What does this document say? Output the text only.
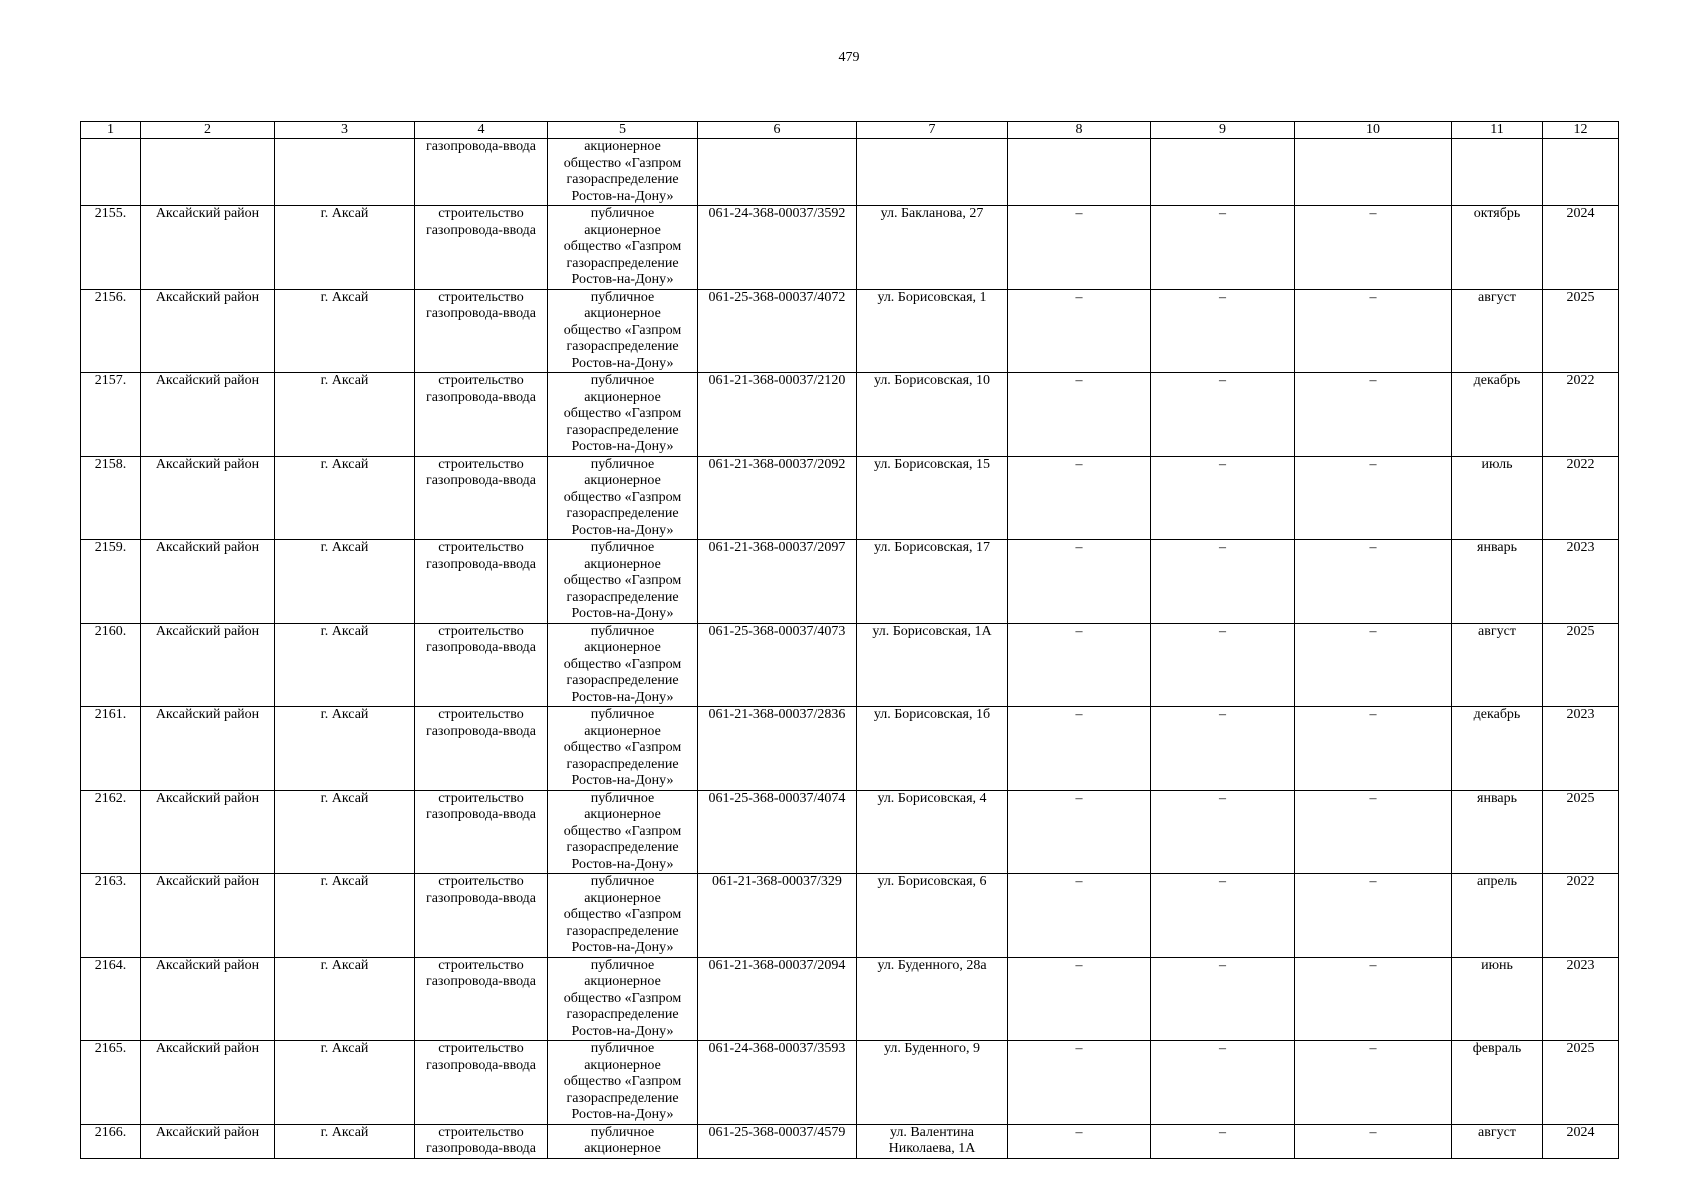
479
1	2	3	4	5	6	7	8	9	10	11	12
			газопровода-ввода	акционерное
общество «Газпром
газораспределение
Ростов-на-Дону»							
2155.	Аксайский район	г. Аксай	строительство
газопровода-ввода	публичное
акционерное
общество «Газпром
газораспределение
Ростов-на-Дону»	061-24-368-00037/3592	ул. Бакланова, 27	–	–	–	октябрь	2024
2156.	Аксайский район	г. Аксай	строительство
газопровода-ввода	публичное
акционерное
общество «Газпром
газораспределение
Ростов-на-Дону»	061-25-368-00037/4072	ул. Борисовская, 1	–	–	–	август	2025
2157.	Аксайский район	г. Аксай	строительство
газопровода-ввода	публичное
акционерное
общество «Газпром
газораспределение
Ростов-на-Дону»	061-21-368-00037/2120	ул. Борисовская, 10	–	–	–	декабрь	2022
2158.	Аксайский район	г. Аксай	строительство
газопровода-ввода	публичное
акционерное
общество «Газпром
газораспределение
Ростов-на-Дону»	061-21-368-00037/2092	ул. Борисовская, 15	–	–	–	июль	2022
2159.	Аксайский район	г. Аксай	строительство
газопровода-ввода	публичное
акционерное
общество «Газпром
газораспределение
Ростов-на-Дону»	061-21-368-00037/2097	ул. Борисовская, 17	–	–	–	январь	2023
2160.	Аксайский район	г. Аксай	строительство
газопровода-ввода	публичное
акционерное
общество «Газпром
газораспределение
Ростов-на-Дону»	061-25-368-00037/4073	ул. Борисовская, 1А	–	–	–	август	2025
2161.	Аксайский район	г. Аксай	строительство
газопровода-ввода	публичное
акционерное
общество «Газпром
газораспределение
Ростов-на-Дону»	061-21-368-00037/2836	ул. Борисовская, 1б	–	–	–	декабрь	2023
2162.	Аксайский район	г. Аксай	строительство
газопровода-ввода	публичное
акционерное
общество «Газпром
газораспределение
Ростов-на-Дону»	061-25-368-00037/4074	ул. Борисовская, 4	–	–	–	январь	2025
2163.	Аксайский район	г. Аксай	строительство
газопровода-ввода	публичное
акционерное
общество «Газпром
газораспределение
Ростов-на-Дону»	061-21-368-00037/329	ул. Борисовская, 6	–	–	–	апрель	2022
2164.	Аксайский район	г. Аксай	строительство
газопровода-ввода	публичное
акционерное
общество «Газпром
газораспределение
Ростов-на-Дону»	061-21-368-00037/2094	ул. Буденного, 28а	–	–	–	июнь	2023
2165.	Аксайский район	г. Аксай	строительство
газопровода-ввода	публичное
акционерное
общество «Газпром
газораспределение
Ростов-на-Дону»	061-24-368-00037/3593	ул. Буденного, 9	–	–	–	февраль	2025
2166.	Аксайский район	г. Аксай	строительство
газопровода-ввода	публичное
акционерное	061-25-368-00037/4579	ул. Валентина
Николаева, 1А	–	–	–	август	2024
